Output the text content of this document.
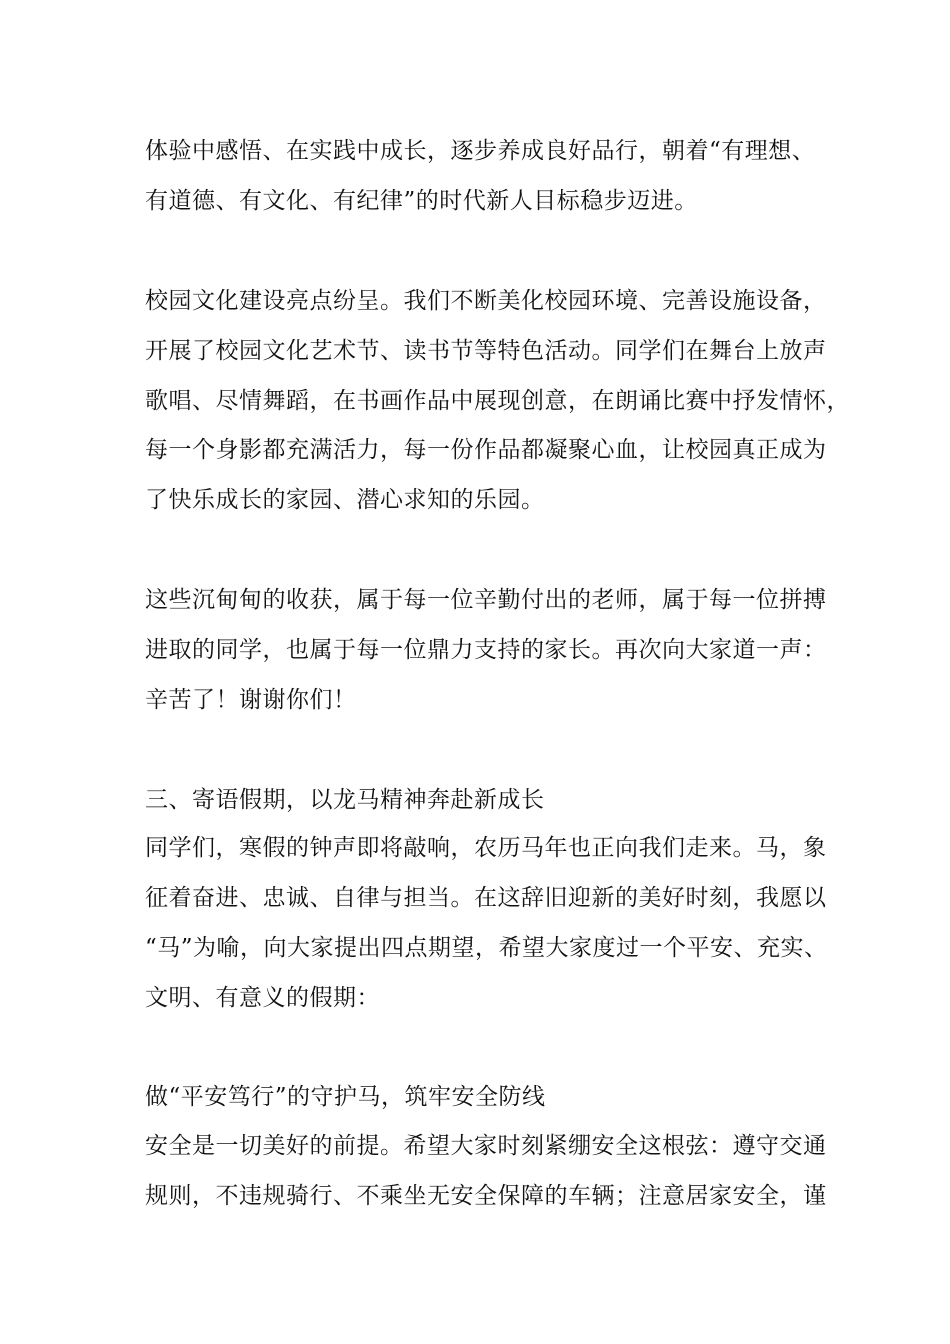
体验中感悟、在实践中成长，逐步养成良好品行，朝着“有理想、
有道德、有文化、有纪律”的时代新人目标稳步迈进。
校园文化建设亮点纷呈。我们不断美化校园环境、完善设施设备，
开展了校园文化艺术节、读书节等特色活动。同学们在舞台上放声
歌唱、尽情舞蹈，在书画作品中展现创意，在朗诵比赛中抒发情怀，
每一个身影都充满活力，每一份作品都凝聚心血，让校园真正成为
了快乐成长的家园、潜心求知的乐园。
这些沉甸甸的收获，属于每一位辛勤付出的老师，属于每一位拼搏
进取的同学，也属于每一位鼎力支持的家长。再次向大家道一声：
辛苦了！谢谢你们！
三、寄语假期，以龙马精神奔赴新成长
同学们，寒假的钟声即将敲响，农历马年也正向我们走来。马，象
征着奋进、忠诚、自律与担当。在这辞旧迎新的美好时刻，我愿以
“马”为喻，向大家提出四点期望，希望大家度过一个平安、充实、
文明、有意义的假期：
做“平安笃行”的守护马，筑牢安全防线
安全是一切美好的前提。希望大家时刻紧绷安全这根弦：遵守交通
规则，不违规骑行、不乘坐无安全保障的车辆；注意居家安全，谨
